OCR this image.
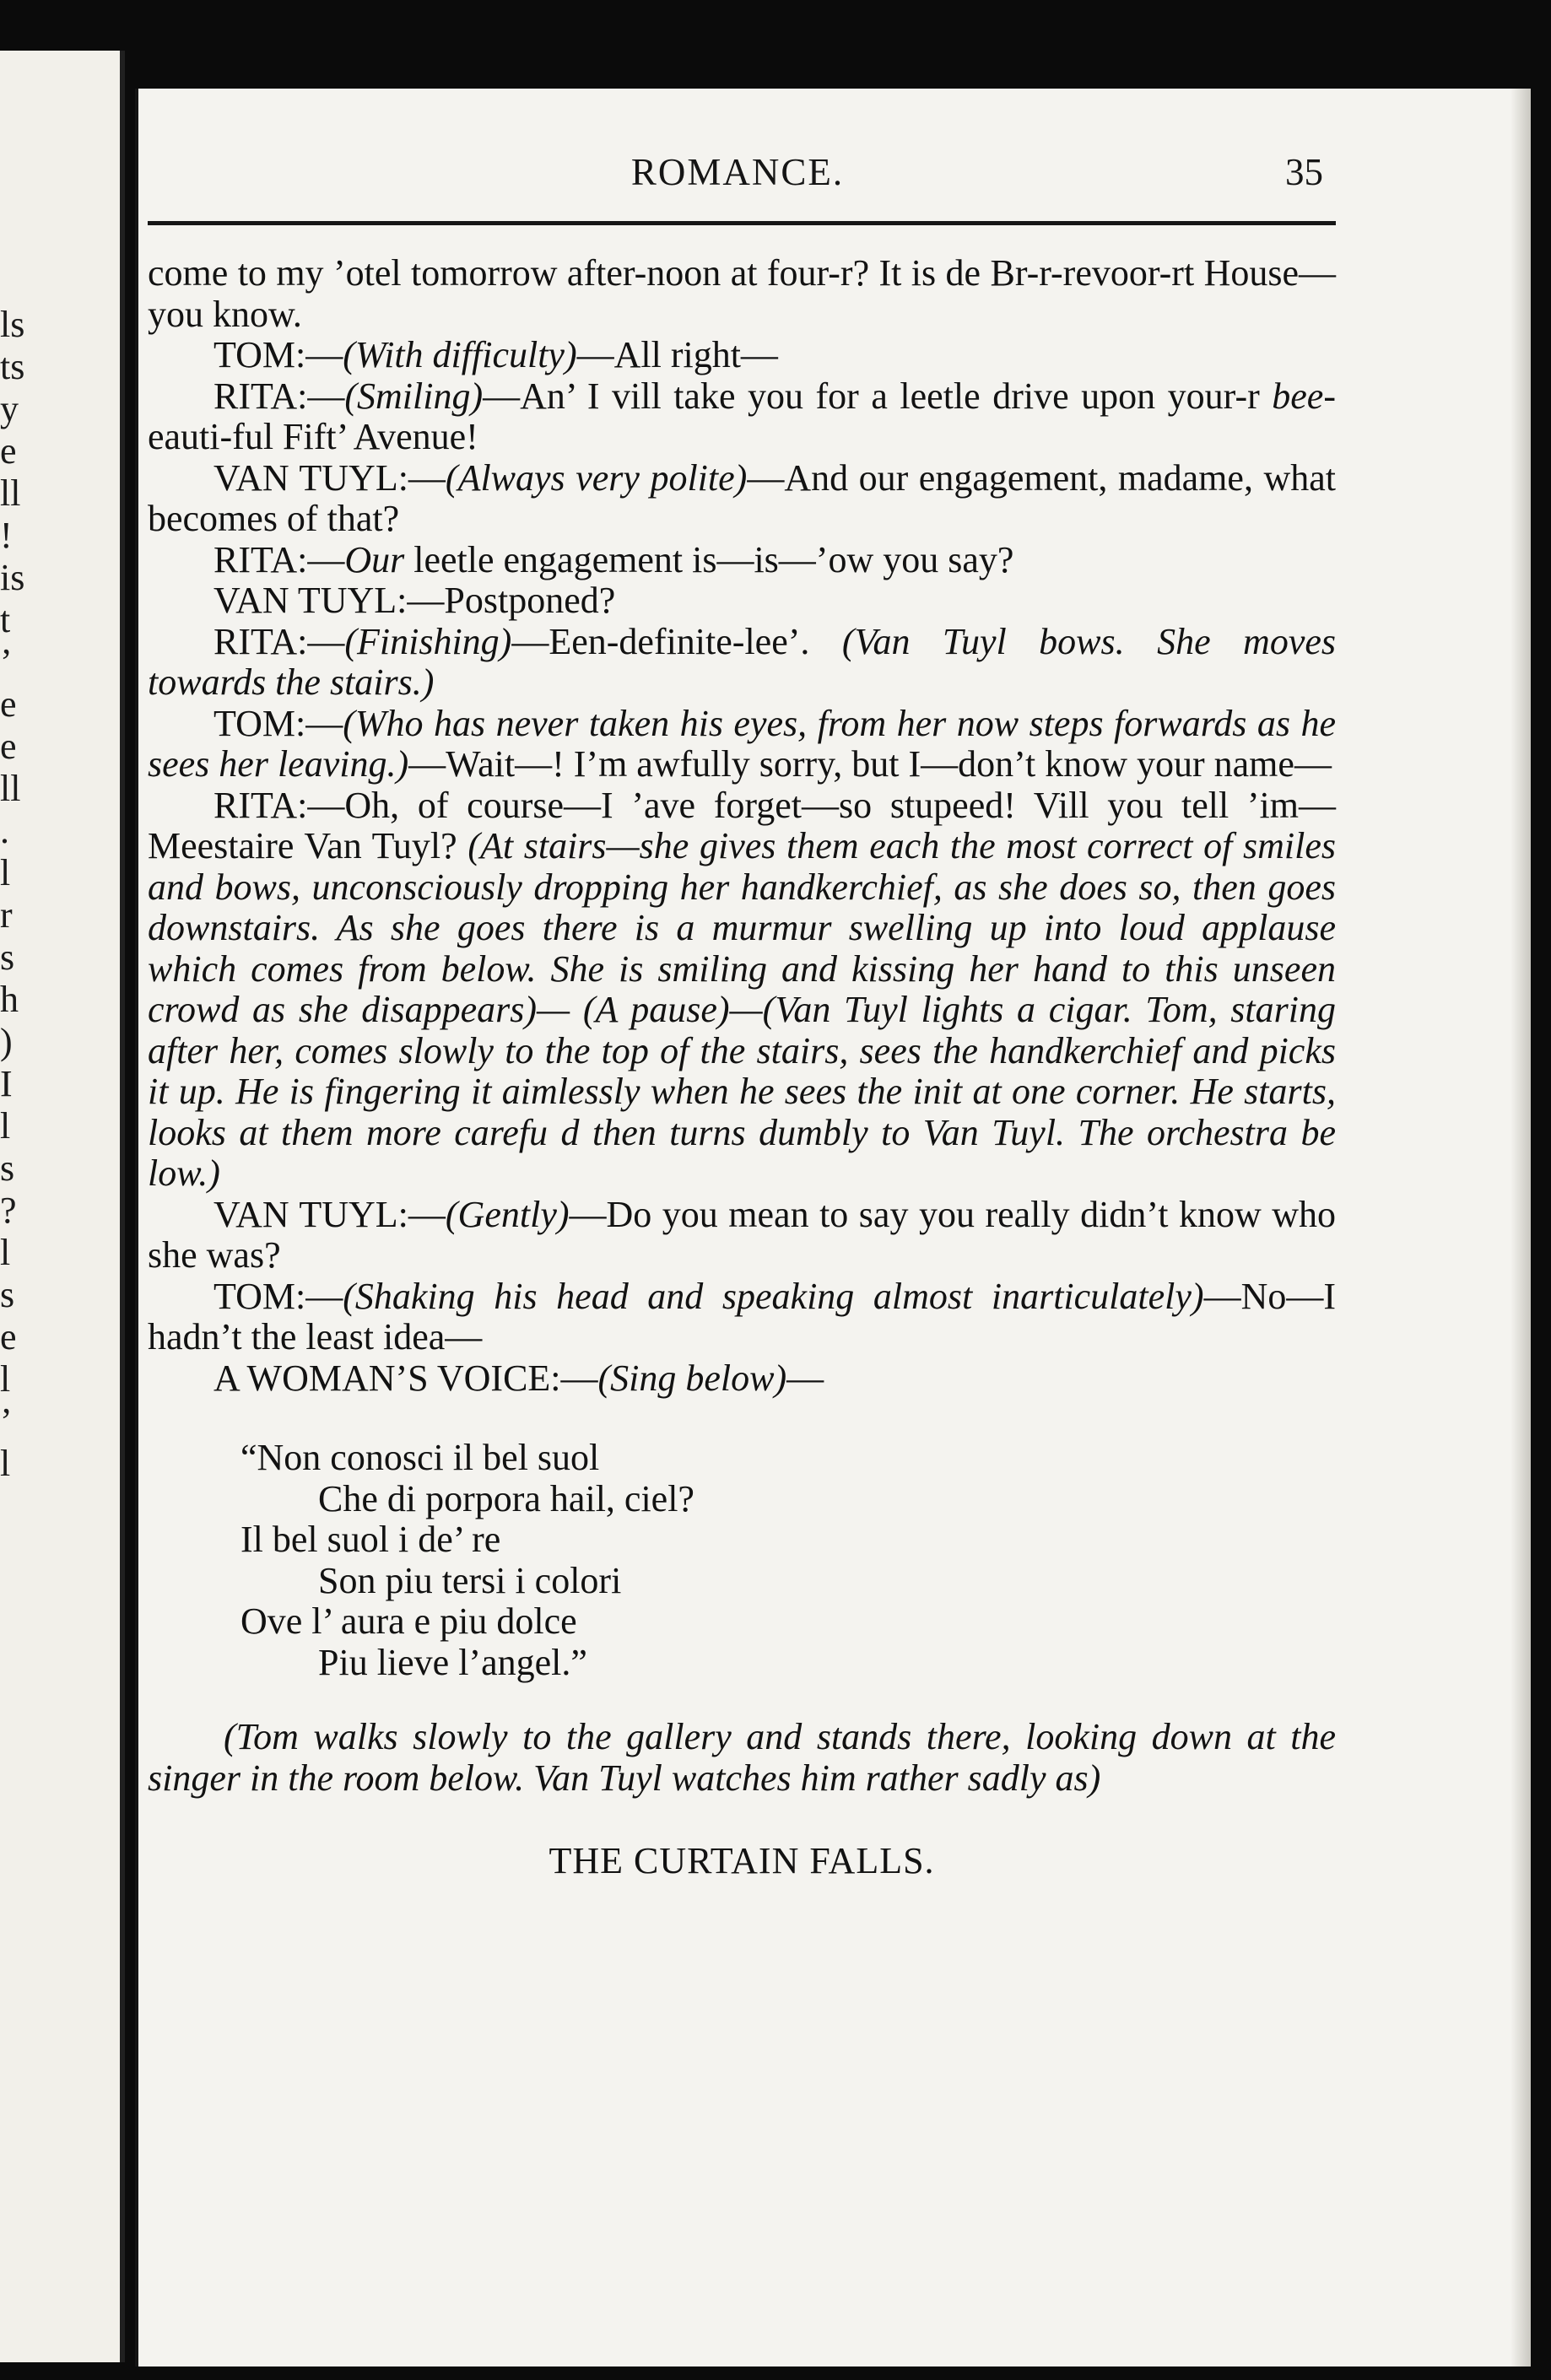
ls
ts
y
e
ll
!
is
t
’
e
e
ll
.
l
r
s
h
)
I
l
s
?
l
s
e
l
’
l
ROMANCE.	35

come to my ’otel tomorrow after-noon at four-r? It is de Br-r-revoor-rt House—you know.

TOM:—(With difficulty)—All right—

RITA:—(Smiling)—An’ I vill take you for a leetle drive upon your-r bee-eauti-ful Fift’ Avenue!

VAN TUYL:—(Always very polite)—And our engagement, madame, what becomes of that?

RITA:—Our leetle engagement is—is—’ow you say?

VAN TUYL:—Postponed?

RITA:—(Finishing)—Een-definite-lee’. (Van Tuyl bows. She moves towards the stairs.)

TOM:—(Who has never taken his eyes, from her now steps forwards as he sees her leaving.)—Wait—! I’m awfully sorry, but I—don’t know your name—

RITA:—Oh, of course—I ’ave forget—so stupeed! Vill you tell ’im—Meestaire Van Tuyl? (At stairs—she gives them each the most correct of smiles and bows, unconsciously dropping her handkerchief, as she does so, then goes downstairs. As she goes there is a murmur swelling up into loud applause which comes from below. She is smiling and kissing her hand to this unseen crowd as she disappears)— (A pause)—(Van Tuyl lights a cigar. Tom, staring after her, comes slowly to the top of the stairs, sees the handkerchief and picks it up. He is fingering it aimlessly when he sees the init at one corner. He starts, looks at them more carefu d then turns dumbly to Van Tuyl. The orchestra be low.)

VAN TUYL:—(Gently)—Do you mean to say you really didn’t know who she was?

TOM:—(Shaking his head and speaking almost inarticulately)—No—I hadn’t the least idea—

A WOMAN’S VOICE:—(Sing below)—

“Non conosci il bel suol

Che di porpora hail, ciel?

Il bel suol i de’ re

Son piu tersi i colori

Ove l’ aura e piu dolce

Piu lieve l’angel.”

(Tom walks slowly to the gallery and stands there, looking down at the singer in the room below. Van Tuyl watches him rather sadly as)

THE CURTAIN FALLS.
